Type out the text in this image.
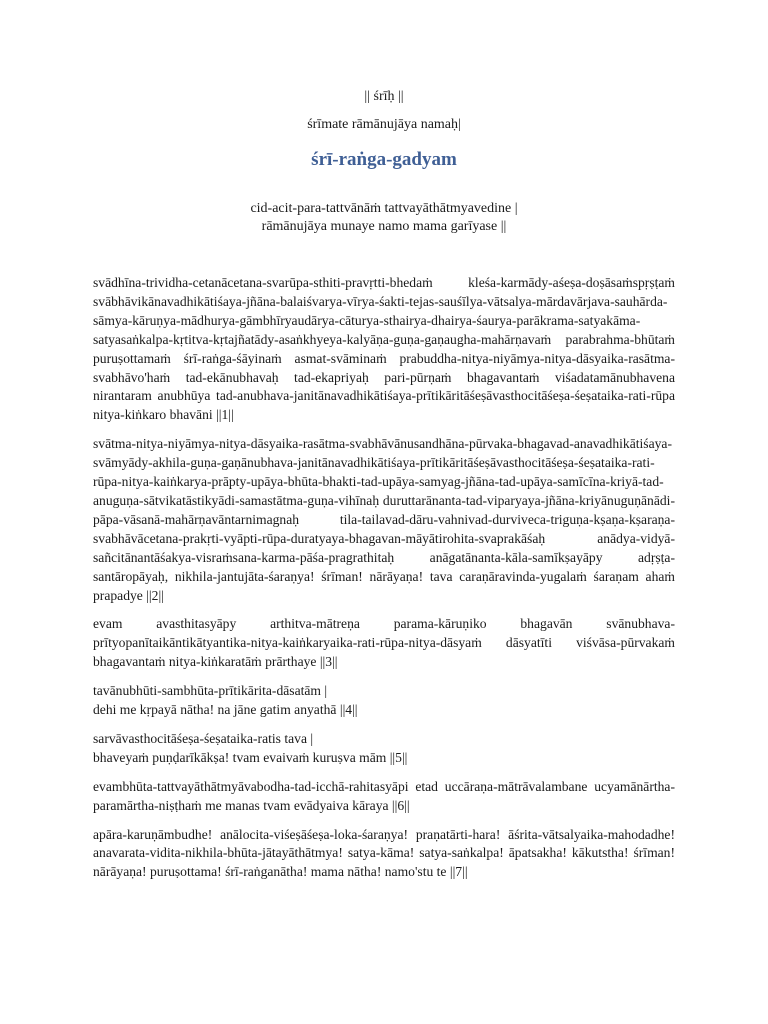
|| śrīḥ ||
śrīmate rāmānujāya namaḥ|
śrī-raṅga-gadyam
cid-acit-para-tattvānāṁ tattvayāthātmyavedine |
rāmānujāya munaye namo mama garīyase ||

svādhīna-trividha-cetanācetana-svarūpa-sthiti-pravṛtti-bhedaṁ kleśa-karmādy-aśeṣa-doṣāsaṁspṛṣṭaṁ svābhāvikānavadhikātiśaya-jñāna-balaiśvarya-vīrya-śakti-tejas-sauśīlya-vātsalya-mārdavārjava-sauhārda-sāmya-kāruṇya-mādhurya-gāmbhīryaudārya-cāturya-sthairya-dhairya-śaurya-parākrama-satyakāma-satyasaṅkalpa-kṛtitva-kṛtajñatādy-asaṅkhyeya-kalyāṇa-guṇa-gaṇaugha-mahārṇavaṁ parabrahma-bhūtaṁ puruṣottamaṁ śrī-raṅga-śāyinaṁ asmat-svāminaṁ prabuddha-nitya-niyāmya-nitya-dāsyaika-rasātma-svabhāvo'haṁ tad-ekānubhavaḥ tad-ekapriyaḥ pari-pūrṇaṁ bhagavantaṁ viśadatamānubhavena nirantaram anubhūya tad-anubhava-janitānavadhikātiśaya-prītikāritāśeṣāvasthocitāśeṣa-śeṣataika-rati-rūpa nitya-kiṅkaro bhavāni ||1||

svātma-nitya-niyāmya-nitya-dāsyaika-rasātma-svabhāvānusandhāna-pūrvaka-bhagavad-anavadhikātiśaya-svāmyādy-akhila-guṇa-gaṇānubhava-janitānavadhikātiśaya-prītikāritāśeṣāvasthocitāśeṣa-śeṣataika-rati-rūpa-nitya-kaiṅkarya-prāpty-upāya-bhūta-bhakti-tad-upāya-samyag-jñāna-tad-upāya-samīcīna-kriyā-tad-anuguṇa-sātvikatāstikyādi-samastātma-guṇa-vihīnaḥ duruttarānanta-tad-viparyaya-jñāna-kriyānuguṇānādi-pāpa-vāsanā-mahārṇavāntarnimagnaḥ tila-tailavad-dāru-vahnivad-durviveca-triguṇa-kṣaṇa-kṣaraṇa-svabhāvācetana-prakṛti-vyāpti-rūpa-duratyaya-bhagavan-māyātirohita-svaprakāśaḥ anādya-vidyā-sañcitānantāśakya-visraṁsana-karma-pāśa-pragrathitaḥ anāgatānanta-kāla-samīkṣayāpy adṛṣṭa-santāropāyaḥ, nikhila-jantujāta-śaraṇya! śrīman! nārāyaṇa! tava caraṇāravinda-yugalaṁ śaraṇam ahaṁ prapadye ||2||

evam avasthitasyāpy arthitva-mātreṇa parama-kāruṇiko bhagavān svānubhava-prītyopanītaikāntikātyantika-nitya-kaiṅkaryaika-rati-rūpa-nitya-dāsyaṁ dāsyatīti viśvāsa-pūrvakaṁ bhagavantaṁ nitya-kiṅkaratāṁ prārthaye ||3||

tavānubhūti-sambhūta-prītikārita-dāsatām |
dehi me kṛpayā nātha! na jāne gatim anyathā ||4||
sarvāvasthocitāśeṣa-śeṣataika-ratis tava |
bhaveyaṁ puṇḍarīkākṣa! tvam evaivaṁ kuruṣva mām ||5||

evambhūta-tattvayāthātmyāvabodha-tad-icchā-rahitasyāpi etad uccāraṇa-mātrāvalambane ucyamānārtha-paramārtha-niṣṭhaṁ me manas tvam evādyaiva kāraya ||6||

apāra-karuṇāmbudhe! anālocita-viśeṣāśeṣa-loka-śaraṇya! praṇatārti-hara! āśrita-vātsalyaika-mahodadhe! anavarata-vidita-nikhila-bhūta-jātayāthātmya! satya-kāma! satya-saṅkalpa! āpatsakha! kākutstha! śrīman! nārāyaṇa! puruṣottama! śrī-raṅganātha! mama nātha! namo'stu te ||7||
